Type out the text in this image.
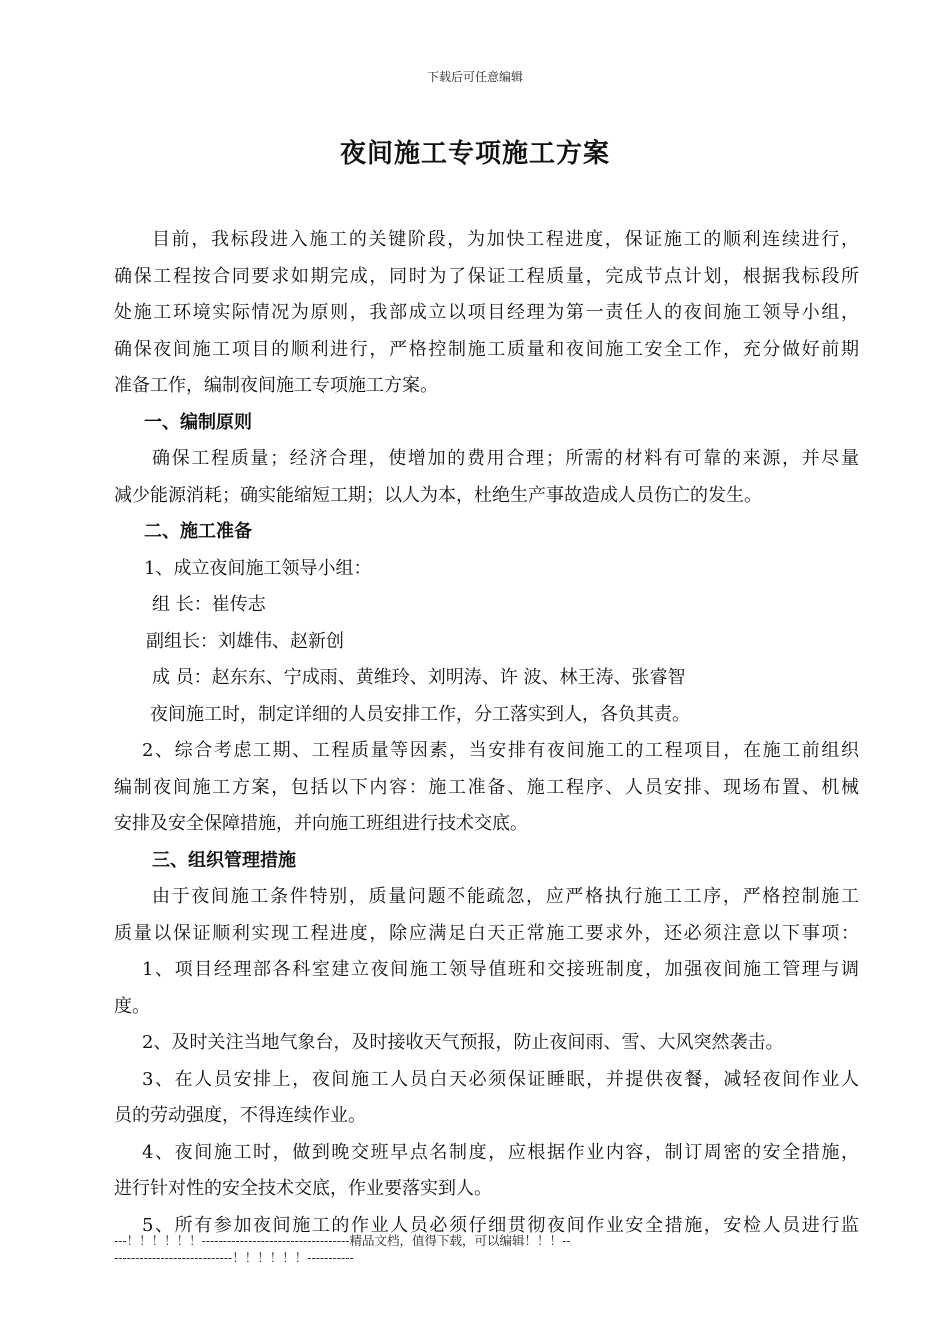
下载后可任意编辑
夜间施工专项施工方案
目前，我标段进入施工的关键阶段，为加快工程进度，保证施工的顺利连续进行，
确保工程按合同要求如期完成，同时为了保证工程质量，完成节点计划，根据我标段所
处施工环境实际情况为原则，我部成立以项目经理为第一责任人的夜间施工领导小组，
确保夜间施工项目的顺利进行，严格控制施工质量和夜间施工安全工作，充分做好前期
准备工作，编制夜间施工专项施工方案。
一、编制原则
确保工程质量；经济合理，使增加的费用合理；所需的材料有可靠的来源，并尽量
减少能源消耗；确实能缩短工期；以人为本，杜绝生产事故造成人员伤亡的发生。
二、施工准备
1、成立夜间施工领导小组：
组 长：崔传志
副组长：刘雄伟、赵新创
成 员：赵东东、宁成雨、黄维玲、刘明涛、许 波、林王涛、张睿智
夜间施工时，制定详细的人员安排工作，分工落实到人，各负其责。
2、综合考虑工期、工程质量等因素，当安排有夜间施工的工程项目，在施工前组织
编制夜间施工方案，包括以下内容：施工准备、施工程序、人员安排、现场布置、机械
安排及安全保障措施，并向施工班组进行技术交底。
三、组织管理措施
由于夜间施工条件特别，质量问题不能疏忽，应严格执行施工工序，严格控制施工
质量以保证顺利实现工程进度，除应满足白天正常施工要求外，还必须注意以下事项：
1、项目经理部各科室建立夜间施工领导值班和交接班制度，加强夜间施工管理与调
度。
2、及时关注当地气象台，及时接收天气预报，防止夜间雨、雪、大风突然袭击。
3、在人员安排上，夜间施工人员白天必须保证睡眠，并提供夜餐，减轻夜间作业人
员的劳动强度，不得连续作业。
4、夜间施工时，做到晚交班早点名制度，应根据作业内容，制订周密的安全措施，
进行针对性的安全技术交底，作业要落实到人。
5、所有参加夜间施工的作业人员必须仔细贯彻夜间作业安全措施，安检人员进行监
---！！！！！！-----------------------------------精品文档，值得下载，可以编辑！！！------------------------------！！！！！！-----------
